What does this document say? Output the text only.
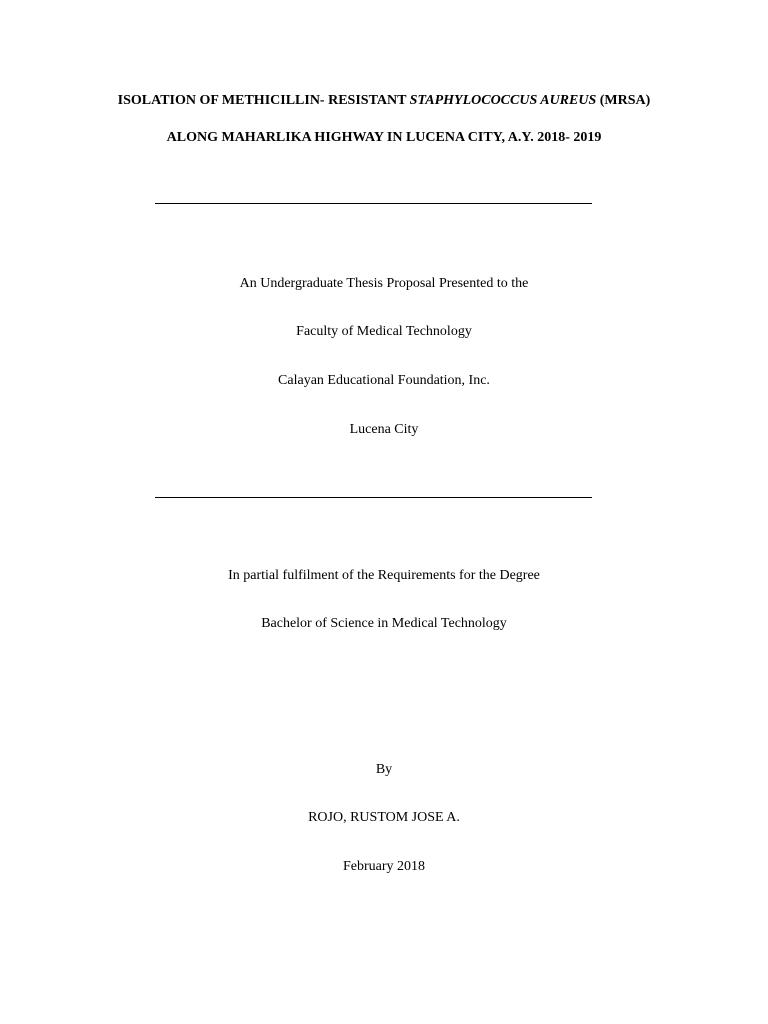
ISOLATION OF METHICILLIN- RESISTANT STAPHYLOCOCCUS AUREUS (MRSA)
ALONG MAHARLIKA HIGHWAY IN LUCENA CITY, A.Y. 2018- 2019
An Undergraduate Thesis Proposal Presented to the
Faculty of Medical Technology
Calayan Educational Foundation, Inc.
Lucena City
In partial fulfilment of the Requirements for the Degree
Bachelor of Science in Medical Technology
By
ROJO, RUSTOM JOSE A.
February 2018
